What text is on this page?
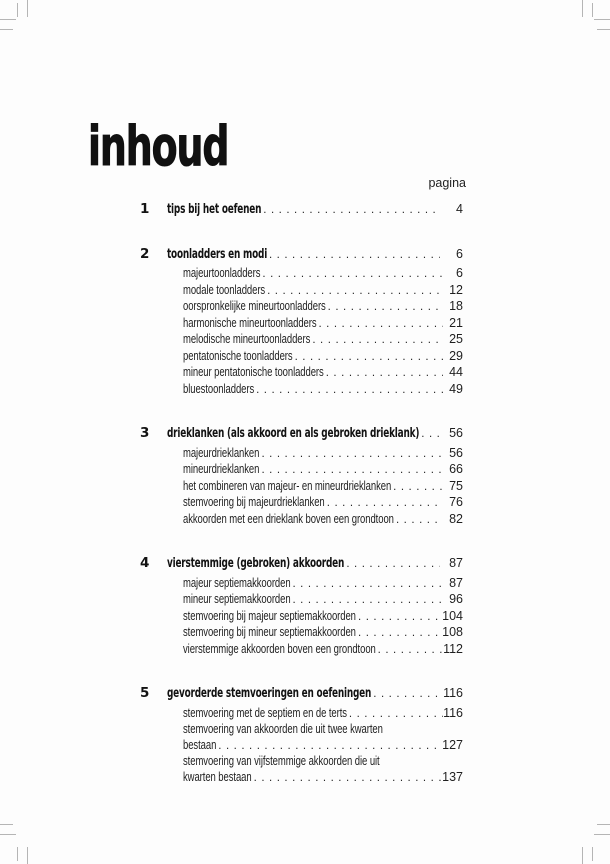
inhoud
pagina
1	tips bij het oefenen .....	4
2	toonladders en modi .....	6
majeurtoonladders .....	6
modale toonladders .....	12
oorspronkelijke mineurtoonladders .....	18
harmonische mineurtoonladders .....	21
melodische mineurtoonladders .....	25
pentatonische toonladders .....	29
mineur pentatonische toonladders .....	44
bluestoonladders .....	49
3	drieklanken (als akkoord en als gebroken drieklank) .....	56
majeurdrieklanken .....	56
mineurdrieklanken .....	66
het combineren van majeur- en mineurdrieklanken .....	75
stemvoering bij majeurdrieklanken .....	76
akkoorden met een drieklank boven een grondtoon .....	82
4	vierstemmige (gebroken) akkoorden .....	87
majeur septiemakkoorden .....	87
mineur septiemakkoorden .....	96
stemvoering bij majeur septiemakkoorden .....	104
stemvoering bij mineur septiemakkoorden .....	108
vierstemmige akkoorden boven een grondtoon .....	112
5	gevorderde stemvoeringen en oefeningen .....	116
stemvoering met de septiem en de terts .....	116
stemvoering van akkoorden die uit twee kwarten
bestaan .....	127
stemvoering van vijfstemmige akkoorden die uit
kwarten bestaan .....	137
